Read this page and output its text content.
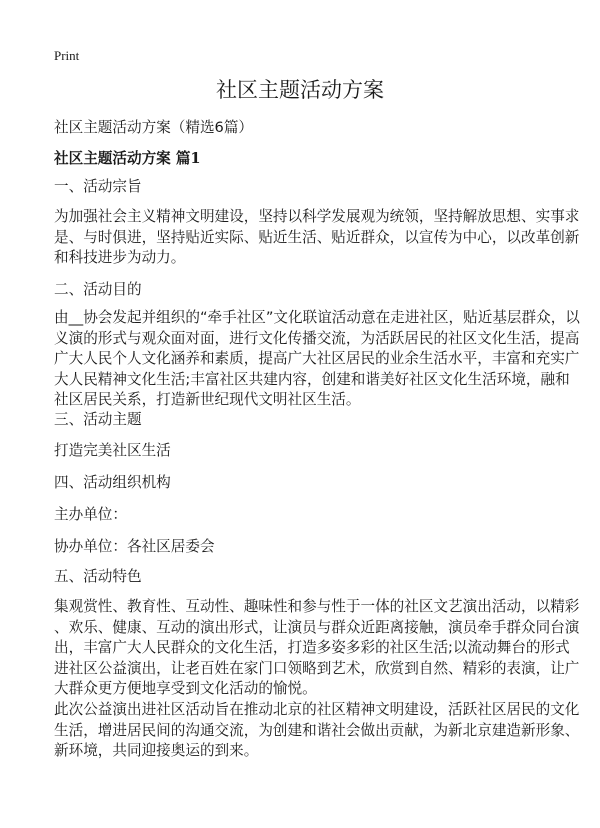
Print
社区主题活动方案
社区主题活动方案（精选6篇）
社区主题活动方案 篇1
一、活动宗旨
为加强社会主义精神文明建设，坚持以科学发展观为统领，坚持解放思想、实事求
是、与时俱进，坚持贴近实际、贴近生活、贴近群众，以宣传为中心，以改革创新
和科技进步为动力。
二、活动目的
由__协会发起并组织的“牵手社区”文化联谊活动意在走进社区，贴近基层群众，以
义演的形式与观众面对面，进行文化传播交流，为活跃居民的社区文化生活，提高
广大人民个人文化涵养和素质，提高广大社区居民的业余生活水平，丰富和充实广
大人民精神文化生活;丰富社区共建内容，创建和谐美好社区文化生活环境，融和
社区居民关系，打造新世纪现代文明社区生活。
三、活动主题
打造完美社区生活
四、活动组织机构
主办单位：
协办单位：各社区居委会
五、活动特色
集观赏性、教育性、互动性、趣味性和参与性于一体的社区文艺演出活动，以精彩
、欢乐、健康、互动的演出形式，让演员与群众近距离接触，演员牵手群众同台演
出，丰富广大人民群众的文化生活，打造多姿多彩的社区生活;以流动舞台的形式
进社区公益演出，让老百姓在家门口领略到艺术，欣赏到自然、精彩的表演，让广
大群众更方便地享受到文化活动的愉悦。
此次公益演出进社区活动旨在推动北京的社区精神文明建设，活跃社区居民的文化
生活，增进居民间的沟通交流，为创建和谐社会做出贡献，为新北京建造新形象、
新环境，共同迎接奥运的到来。
